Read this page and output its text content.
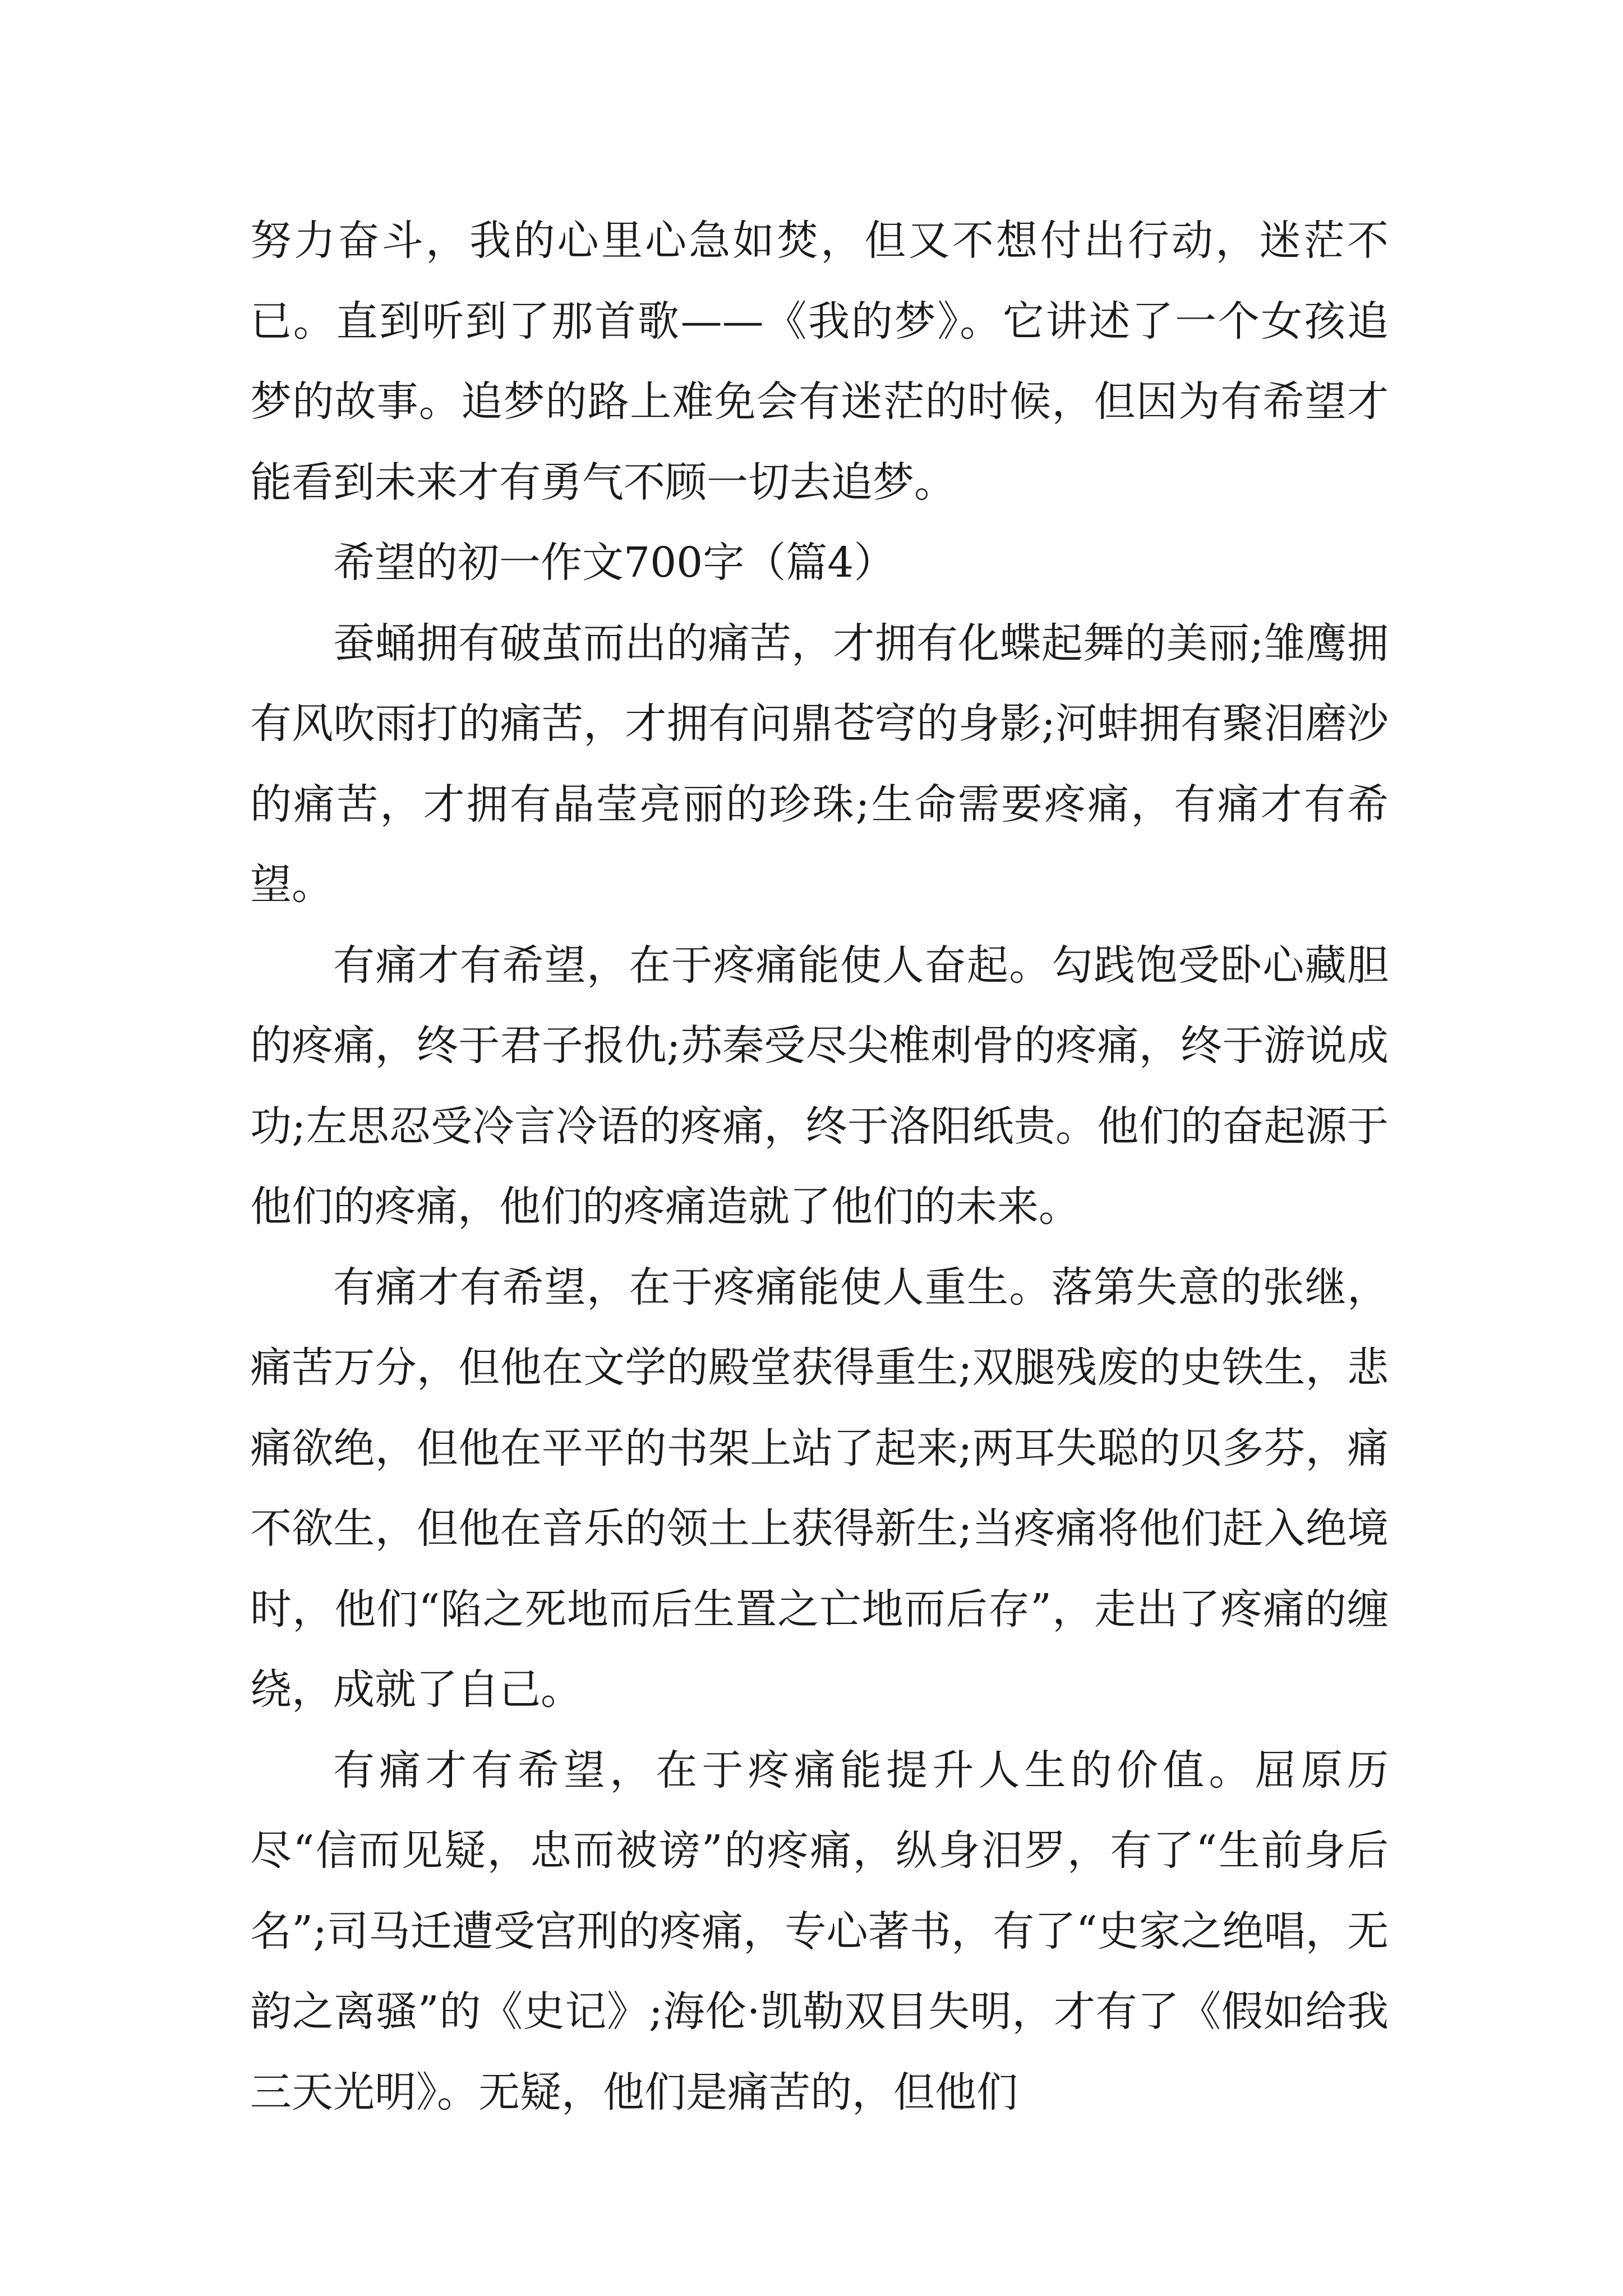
努力奋斗，我的心里心急如焚，但又不想付出行动，迷茫不已。直到听到了那首歌——《我的梦》。它讲述了一个女孩追梦的故事。追梦的路上难免会有迷茫的时候，但因为有希望才能看到未来才有勇气不顾一切去追梦。

希望的初一作文700字（篇4）

蚕蛹拥有破茧而出的痛苦，才拥有化蝶起舞的美丽;雏鹰拥有风吹雨打的痛苦，才拥有问鼎苍穹的身影;河蚌拥有聚泪磨沙的痛苦，才拥有晶莹亮丽的珍珠;生命需要疼痛，有痛才有希望。

有痛才有希望，在于疼痛能使人奋起。勾践饱受卧心藏胆的疼痛，终于君子报仇;苏秦受尽尖椎刺骨的疼痛，终于游说成功;左思忍受冷言冷语的疼痛，终于洛阳纸贵。他们的奋起源于他们的疼痛，他们的疼痛造就了他们的未来。

有痛才有希望，在于疼痛能使人重生。落第失意的张继，痛苦万分，但他在文学的殿堂获得重生;双腿残废的史铁生，悲痛欲绝，但他在平平的书架上站了起来;两耳失聪的贝多芬，痛不欲生，但他在音乐的领土上获得新生;当疼痛将他们赶入绝境时，他们“陷之死地而后生置之亡地而后存”，走出了疼痛的缠绕，成就了自己。

有痛才有希望，在于疼痛能提升人生的价值。屈原历尽“信而见疑，忠而被谤”的疼痛，纵身汨罗，有了“生前身后名”;司马迁遭受宫刑的疼痛，专心著书，有了“史家之绝唱，无韵之离骚”的《史记》;海伦·凯勒双目失明，才有了《假如给我三天光明》。无疑，他们是痛苦的，但他们
